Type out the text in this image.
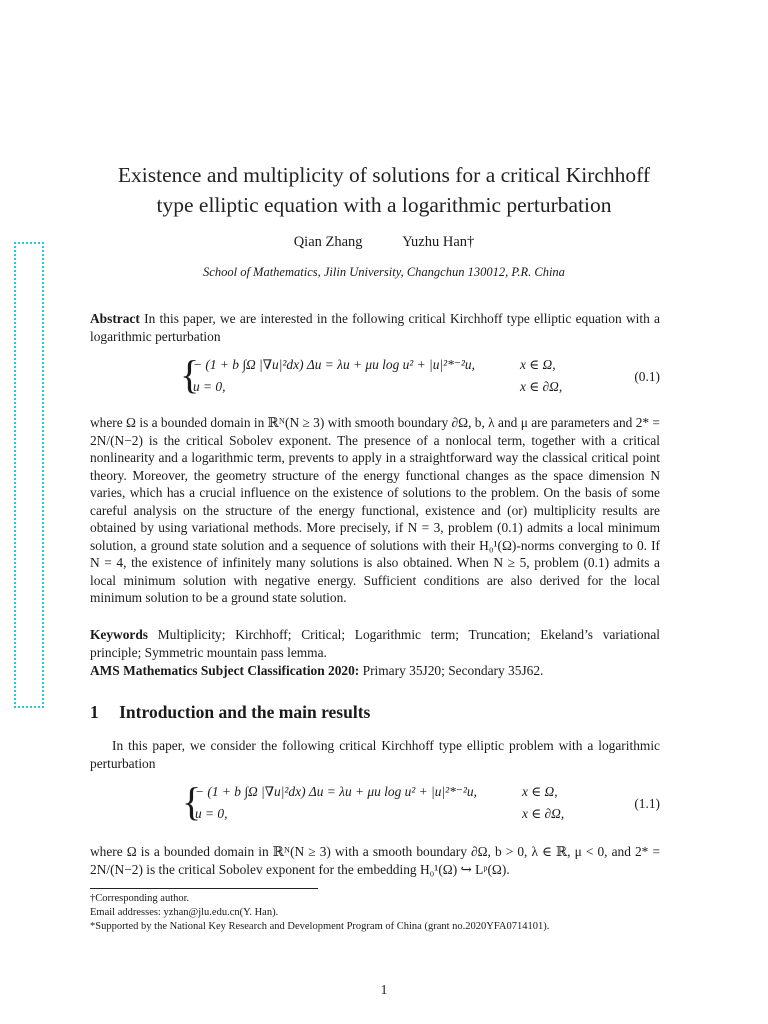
Existence and multiplicity of solutions for a critical Kirchhoff
type elliptic equation with a logarithmic perturbation
Qian Zhang	Yuzhu Han†
School of Mathematics, Jilin University, Changchun 130012, P.R. China
Abstract In this paper, we are interested in the following critical Kirchhoff type elliptic equation with a logarithmic perturbation
{
− (1 + b ∫Ω |∇u|²dx) Δu = λu + μu log u² + |u|²*⁻²u,	x ∈ Ω,
u = 0,	x ∈ ∂Ω,
(0.1)
where Ω is a bounded domain in ℝᴺ(N ≥ 3) with smooth boundary ∂Ω, b, λ and μ are parameters and 2* = 2N/(N−2) is the critical Sobolev exponent. The presence of a nonlocal term, together with a critical nonlinearity and a logarithmic term, prevents to apply in a straightforward way the classical critical point theory. Moreover, the geometry structure of the energy functional changes as the space dimension N varies, which has a crucial influence on the existence of solutions to the problem. On the basis of some careful analysis on the structure of the energy functional, existence and (or) multiplicity results are obtained by using variational methods. More precisely, if N = 3, problem (0.1) admits a local minimum solution, a ground state solution and a sequence of solutions with their H₀¹(Ω)-norms converging to 0. If N = 4, the existence of infinitely many solutions is also obtained. When N ≥ 5, problem (0.1) admits a local minimum solution with negative energy. Sufficient conditions are also derived for the local minimum solution to be a ground state solution.
Keywords Multiplicity; Kirchhoff; Critical; Logarithmic term; Truncation; Ekeland’s variational principle; Symmetric mountain pass lemma.
AMS Mathematics Subject Classification 2020: Primary 35J20; Secondary 35J62.
1 Introduction and the main results
In this paper, we consider the following critical Kirchhoff type elliptic problem with a logarithmic perturbation
{
− (1 + b ∫Ω |∇u|²dx) Δu = λu + μu log u² + |u|²*⁻²u,	x ∈ Ω,
u = 0,	x ∈ ∂Ω,
(1.1)
where Ω is a bounded domain in ℝᴺ(N ≥ 3) with a smooth boundary ∂Ω, b > 0, λ ∈ ℝ, μ < 0, and 2* = 2N/(N−2) is the critical Sobolev exponent for the embedding H₀¹(Ω) ↪ Lᵖ(Ω).
†Corresponding author.
Email addresses: yzhan@jlu.edu.cn(Y. Han).
*Supported by the National Key Research and Development Program of China (grant no.2020YFA0714101).
1
